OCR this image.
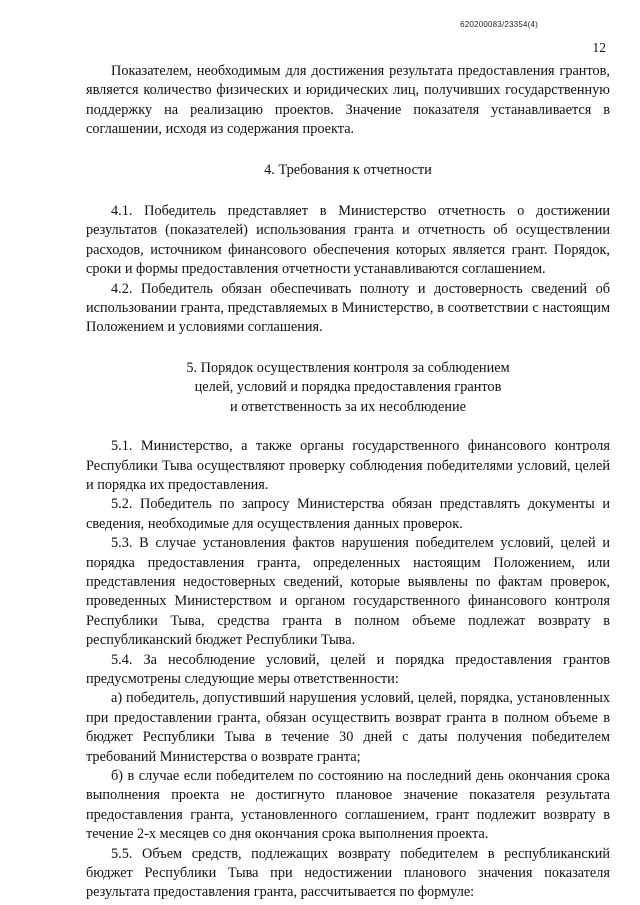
620200083/23354(4)
12

Показателем, необходимым для достижения результата предоставления грантов, является количество физических и юридических лиц, получивших государственную поддержку на реализацию проектов. Значение показателя устанавливается в соглашении, исходя из содержания проекта.

4. Требования к отчетности

4.1. Победитель представляет в Министерство отчетность о достижении результатов (показателей) использования гранта и отчетность об осуществлении расходов, источником финансового обеспечения которых является грант. Порядок, сроки и формы предоставления отчетности устанавливаются соглашением.

4.2. Победитель обязан обеспечивать полноту и достоверность сведений об использовании гранта, представляемых в Министерство, в соответствии с настоящим Положением и условиями соглашения.

5. Порядок осуществления контроля за соблюдением
целей, условий и порядка предоставления грантов
и ответственность за их несоблюдение

5.1. Министерство, а также органы государственного финансового контроля Республики Тыва осуществляют проверку соблюдения победителями условий, целей и порядка их предоставления.

5.2. Победитель по запросу Министерства обязан представлять документы и сведения, необходимые для осуществления данных проверок.

5.3. В случае установления фактов нарушения победителем условий, целей и порядка предоставления гранта, определенных настоящим Положением, или представления недостоверных сведений, которые выявлены по фактам проверок, проведенных Министерством и органом государственного финансового контроля Республики Тыва, средства гранта в полном объеме подлежат возврату в республиканский бюджет Республики Тыва.

5.4. За несоблюдение условий, целей и порядка предоставления грантов предусмотрены следующие меры ответственности:

а) победитель, допустивший нарушения условий, целей, порядка, установленных при предоставлении гранта, обязан осуществить возврат гранта в полном объеме в бюджет Республики Тыва в течение 30 дней с даты получения победителем требований Министерства о возврате гранта;

б) в случае если победителем по состоянию на последний день окончания срока выполнения проекта не достигнуто плановое значение показателя результата предоставления гранта, установленного соглашением, грант подлежит возврату в течение 2-х месяцев со дня окончания срока выполнения проекта.

5.5. Объем средств, подлежащих возврату победителем в республиканский бюджет Республики Тыва при недостижении планового значения показателя результата предоставления гранта, рассчитывается по формуле:
